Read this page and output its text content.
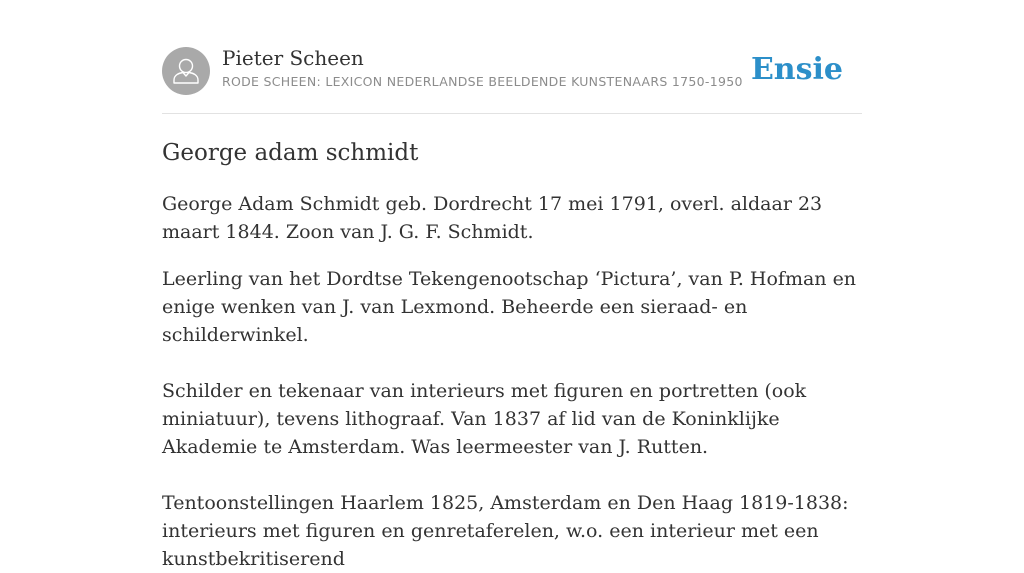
Pieter Scheen
RODE SCHEEN: LEXICON NEDERLANDSE BEELDENDE KUNSTENAARS 1750-1950 Ensie
George adam schmidt

George Adam Schmidt geb. Dordrecht 17 mei 1791, overl. aldaar 23 maart 1844. Zoon van J. G. F. Schmidt.

Leerling van het Dordtse Tekengenootschap ‘Pictura’, van P. Hofman en enige wenken van J. van Lexmond. Beheerde een sieraad- en schilderwinkel.

Schilder en tekenaar van interieurs met figuren en portretten (ook miniatuur), tevens lithograaf. Van 1837 af lid van de Koninklijke Akademie te Amsterdam. Was leermeester van J. Rutten.

Tentoonstellingen Haarlem 1825, Amsterdam en Den Haag 1819-1838: interieurs met figuren en genretaferelen, w.o. een interieur met een kunstbekritiserend
